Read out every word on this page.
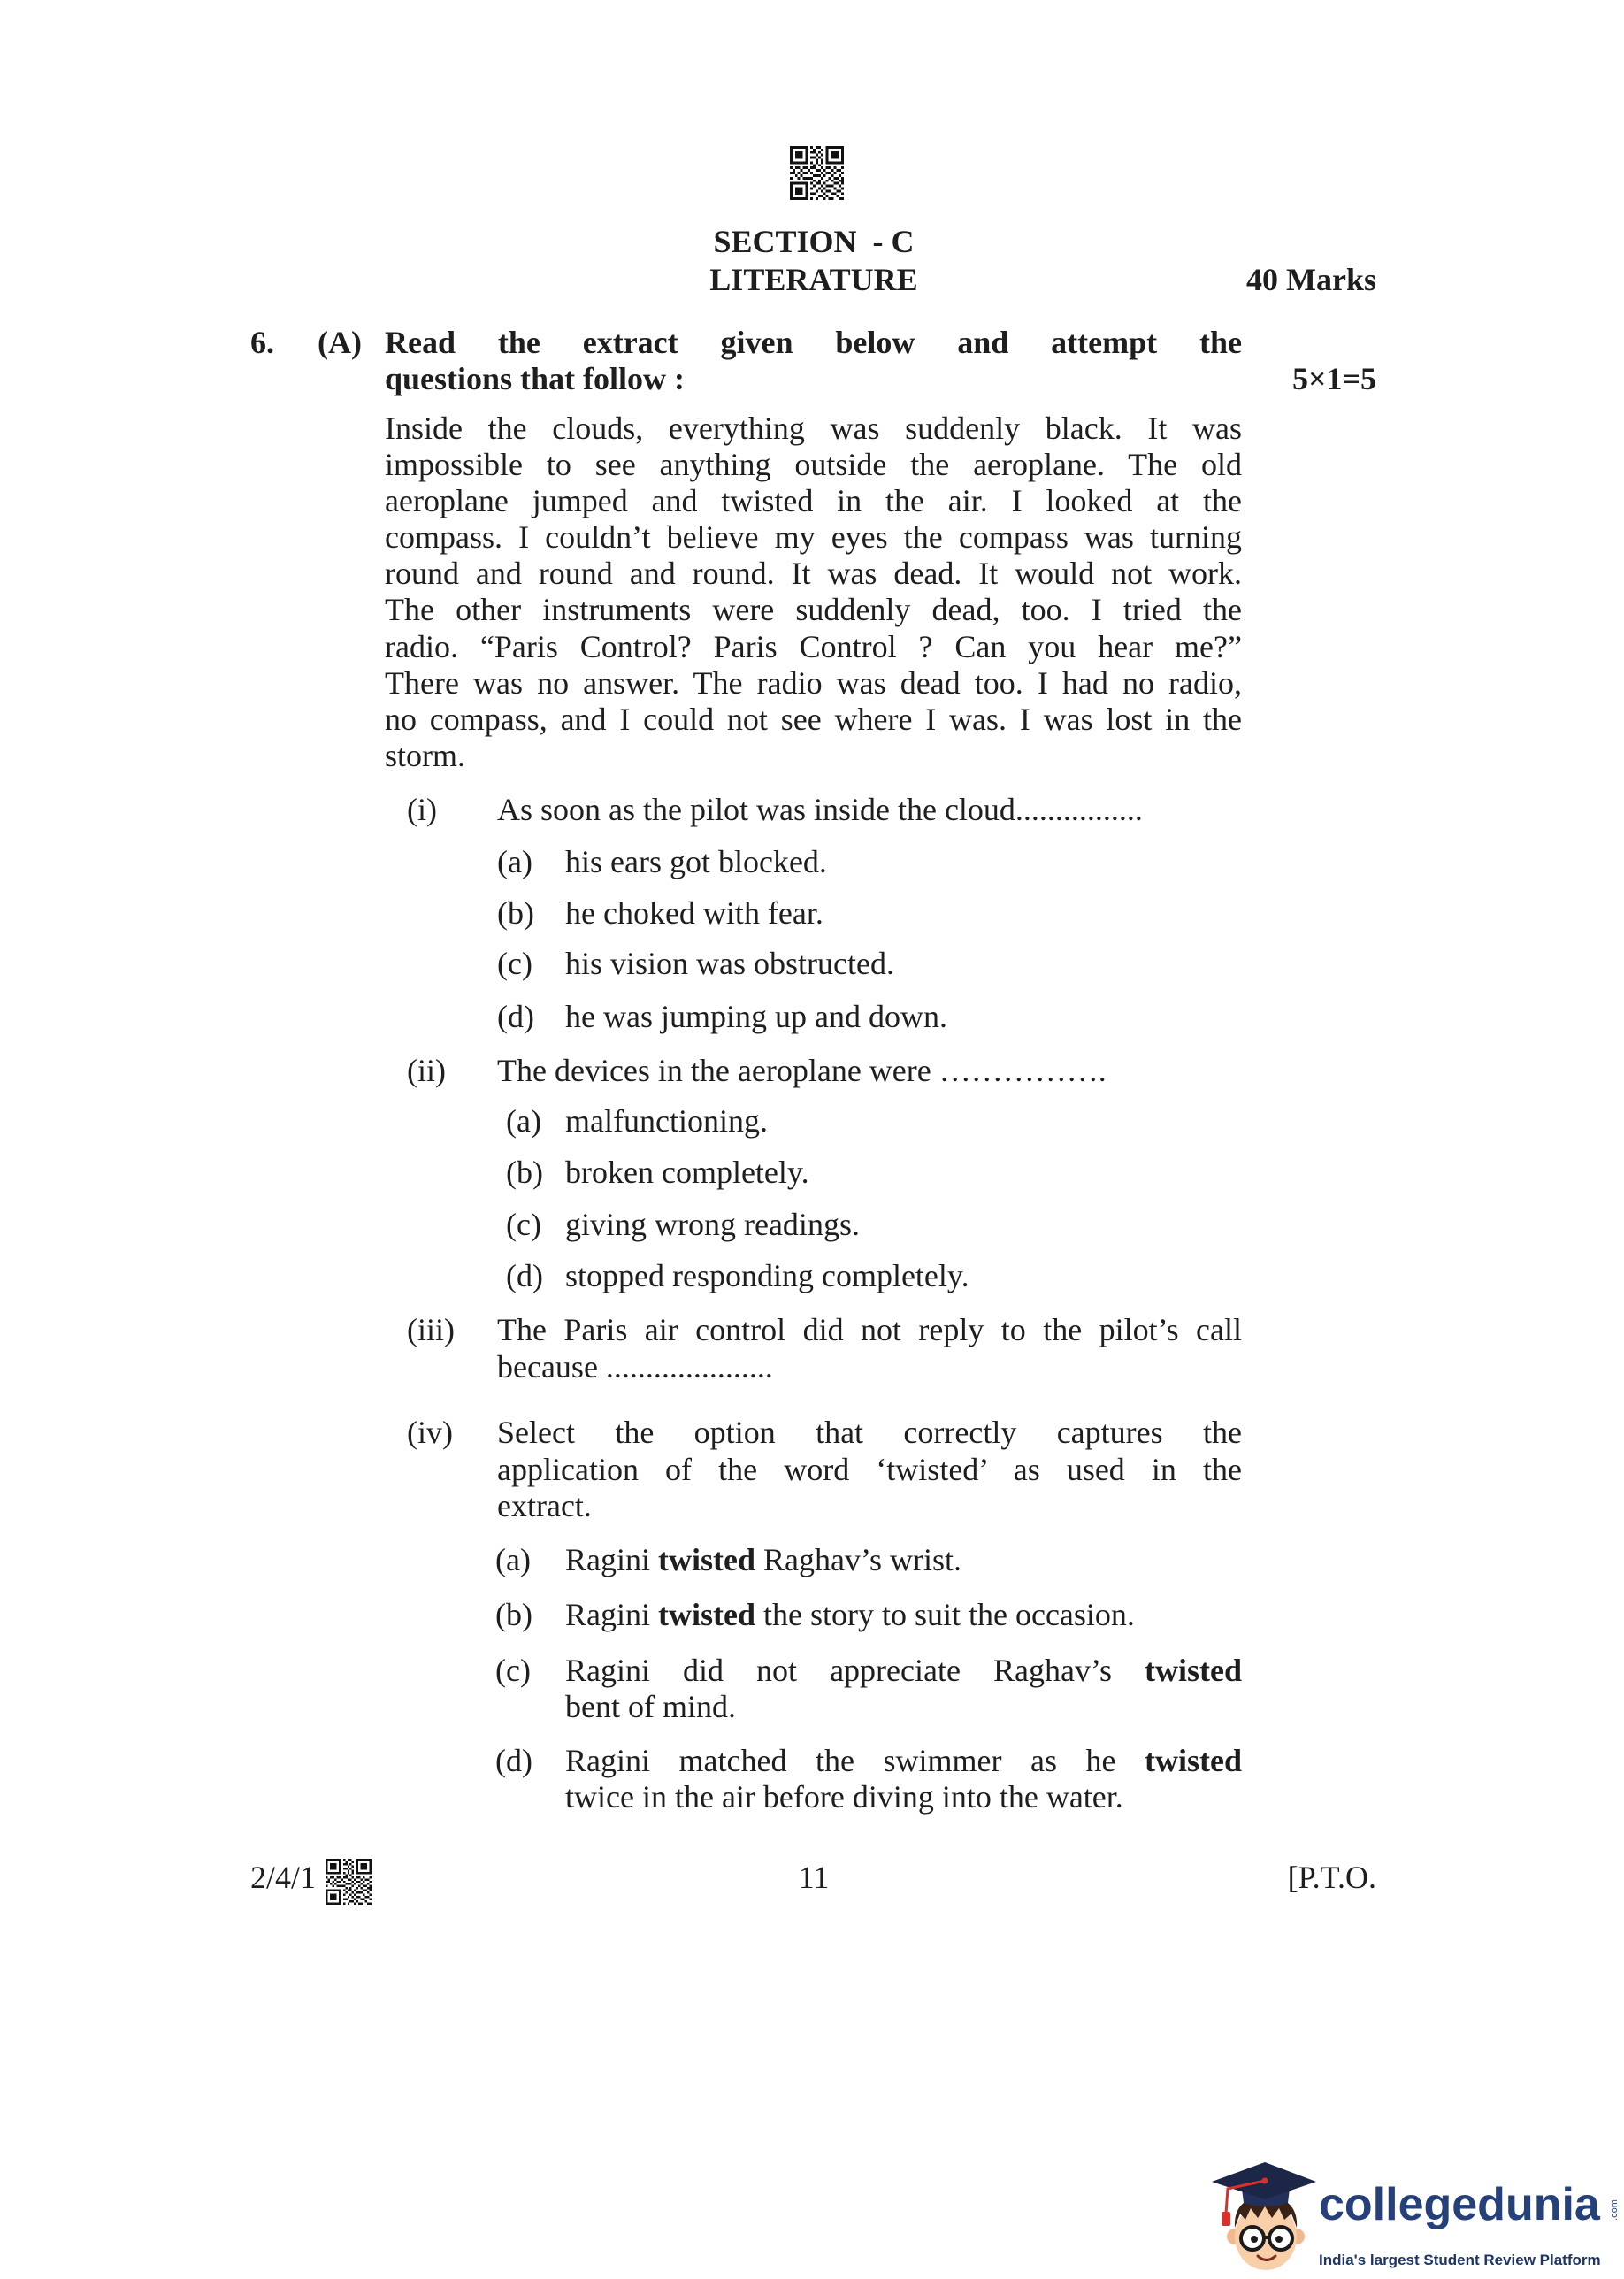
SECTION  - C
LITERATURE	40 Marks
6. (A) Read the extract given below and attempt the
questions that follow :	5×1=5
Inside the clouds, everything was suddenly black. It was
impossible to see anything outside the aeroplane. The old
aeroplane jumped and twisted in the air. I looked at the
compass. I couldn’t believe my eyes the compass was turning
round and round and round. It was dead. It would not work.
The other instruments were suddenly dead, too. I tried the
radio. “Paris Control? Paris Control ? Can you hear me?”
There was no answer. The radio was dead too. I had no radio,
no compass, and I could not see where I was. I was lost in the
storm.
(i) As soon as the pilot was inside the cloud................
(a) his ears got blocked.
(b) he choked with fear.
(c) his vision was obstructed.
(d) he was jumping up and down.
(ii) The devices in the aeroplane were …………….
(a) malfunctioning.
(b) broken completely.
(c) giving wrong readings.
(d) stopped responding completely.
(iii) The Paris air control did not reply to the pilot’s call
because .....................
(iv) Select the option that correctly captures the
application of the word ‘twisted’ as used in the
extract.
(a) Ragini twisted Raghav’s wrist.
(b) Ragini twisted the story to suit the occasion.
(c) Ragini did not appreciate Raghav’s twisted
bent of mind.
(d) Ragini matched the swimmer as he twisted
twice in the air before diving into the water.
2/4/1	11	[P.T.O.
collegedunia .com
India's largest Student Review Platform
